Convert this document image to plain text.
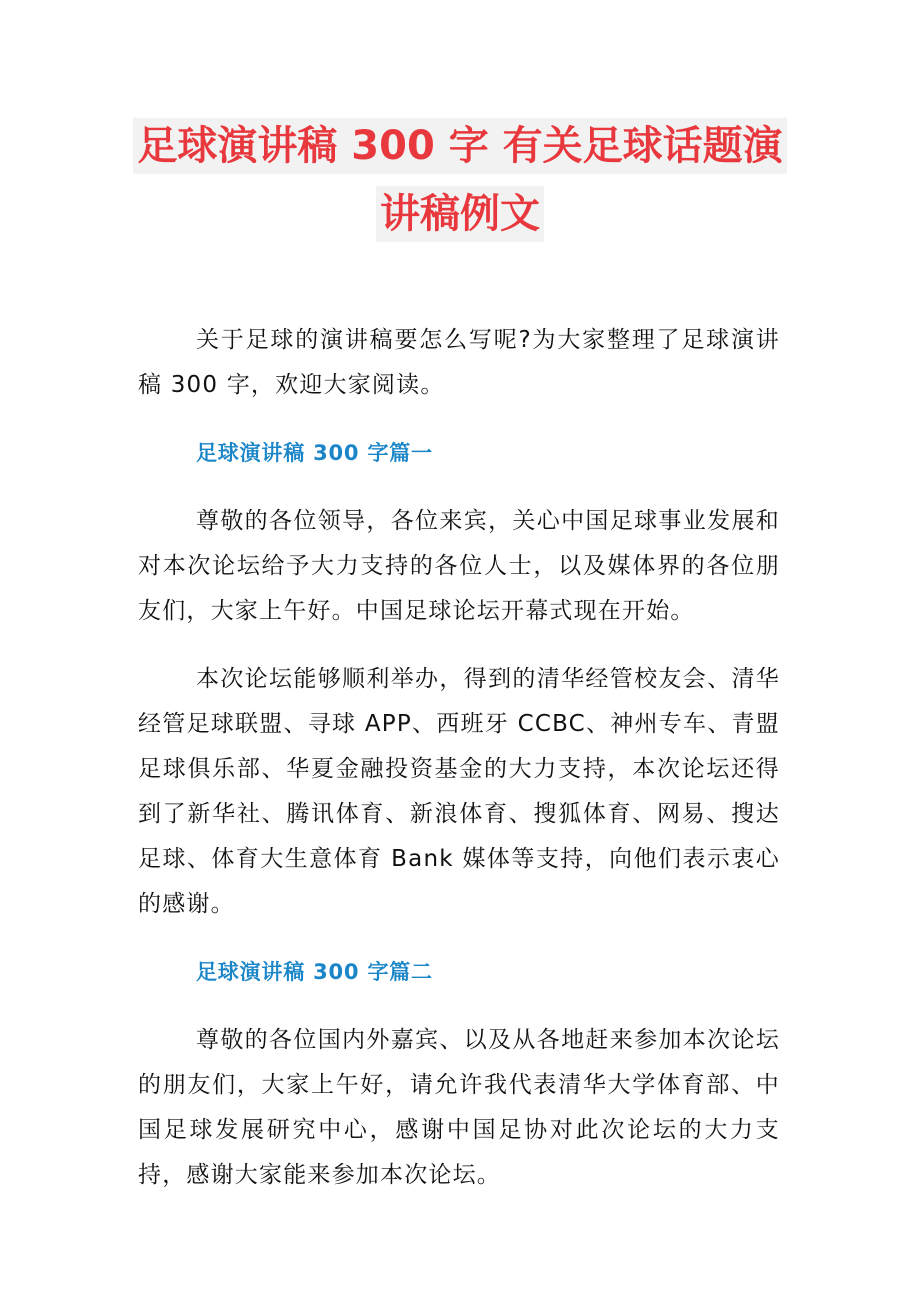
足球演讲稿 300 字 有关足球话题演
讲稿例文

关于足球的演讲稿要怎么写呢?为大家整理了足球演讲稿 300 字，欢迎大家阅读。

足球演讲稿 300 字篇一

尊敬的各位领导，各位来宾，关心中国足球事业发展和对本次论坛给予大力支持的各位人士，以及媒体界的各位朋友们，大家上午好。中国足球论坛开幕式现在开始。

本次论坛能够顺利举办，得到的清华经管校友会、清华经管足球联盟、寻球 APP、西班牙 CCBC、神州专车、青盟足球俱乐部、华夏金融投资基金的大力支持，本次论坛还得到了新华社、腾讯体育、新浪体育、搜狐体育、网易、搜达足球、体育大生意体育 Bank 媒体等支持，向他们表示衷心的感谢。

足球演讲稿 300 字篇二

尊敬的各位国内外嘉宾、以及从各地赶来参加本次论坛的朋友们，大家上午好，请允许我代表清华大学体育部、中国足球发展研究中心，感谢中国足协对此次论坛的大力支持，感谢大家能来参加本次论坛。
